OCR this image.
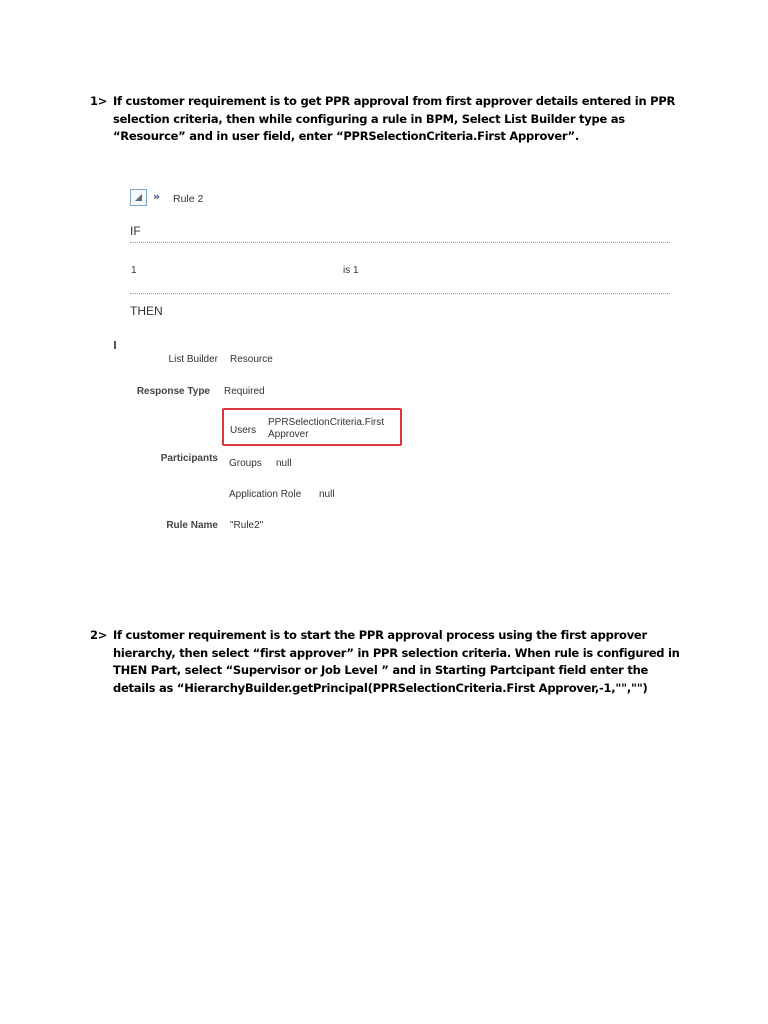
1> If customer requirement is to get PPR approval from first approver details entered in PPR selection criteria, then while configuring a rule in BPM, Select List Builder type as “Resource” and in user field, enter “PPRSelectionCriteria.First Approver”.
» Rule 2
IF
1	is 1
THEN
List Builder Resource
Response Type Required
Users
PPRSelectionCriteria.First Approver
Participants Groups null
Application Role null
Rule Name "Rule2"
2> If customer requirement is to start the PPR approval process using the first approver hierarchy, then select “first approver” in PPR selection criteria. When rule is configured in THEN Part, select “Supervisor or Job Level ” and in Starting Partcipant field enter the details as “HierarchyBuilder.getPrincipal(PPRSelectionCriteria.First Approver,-1,"","")
